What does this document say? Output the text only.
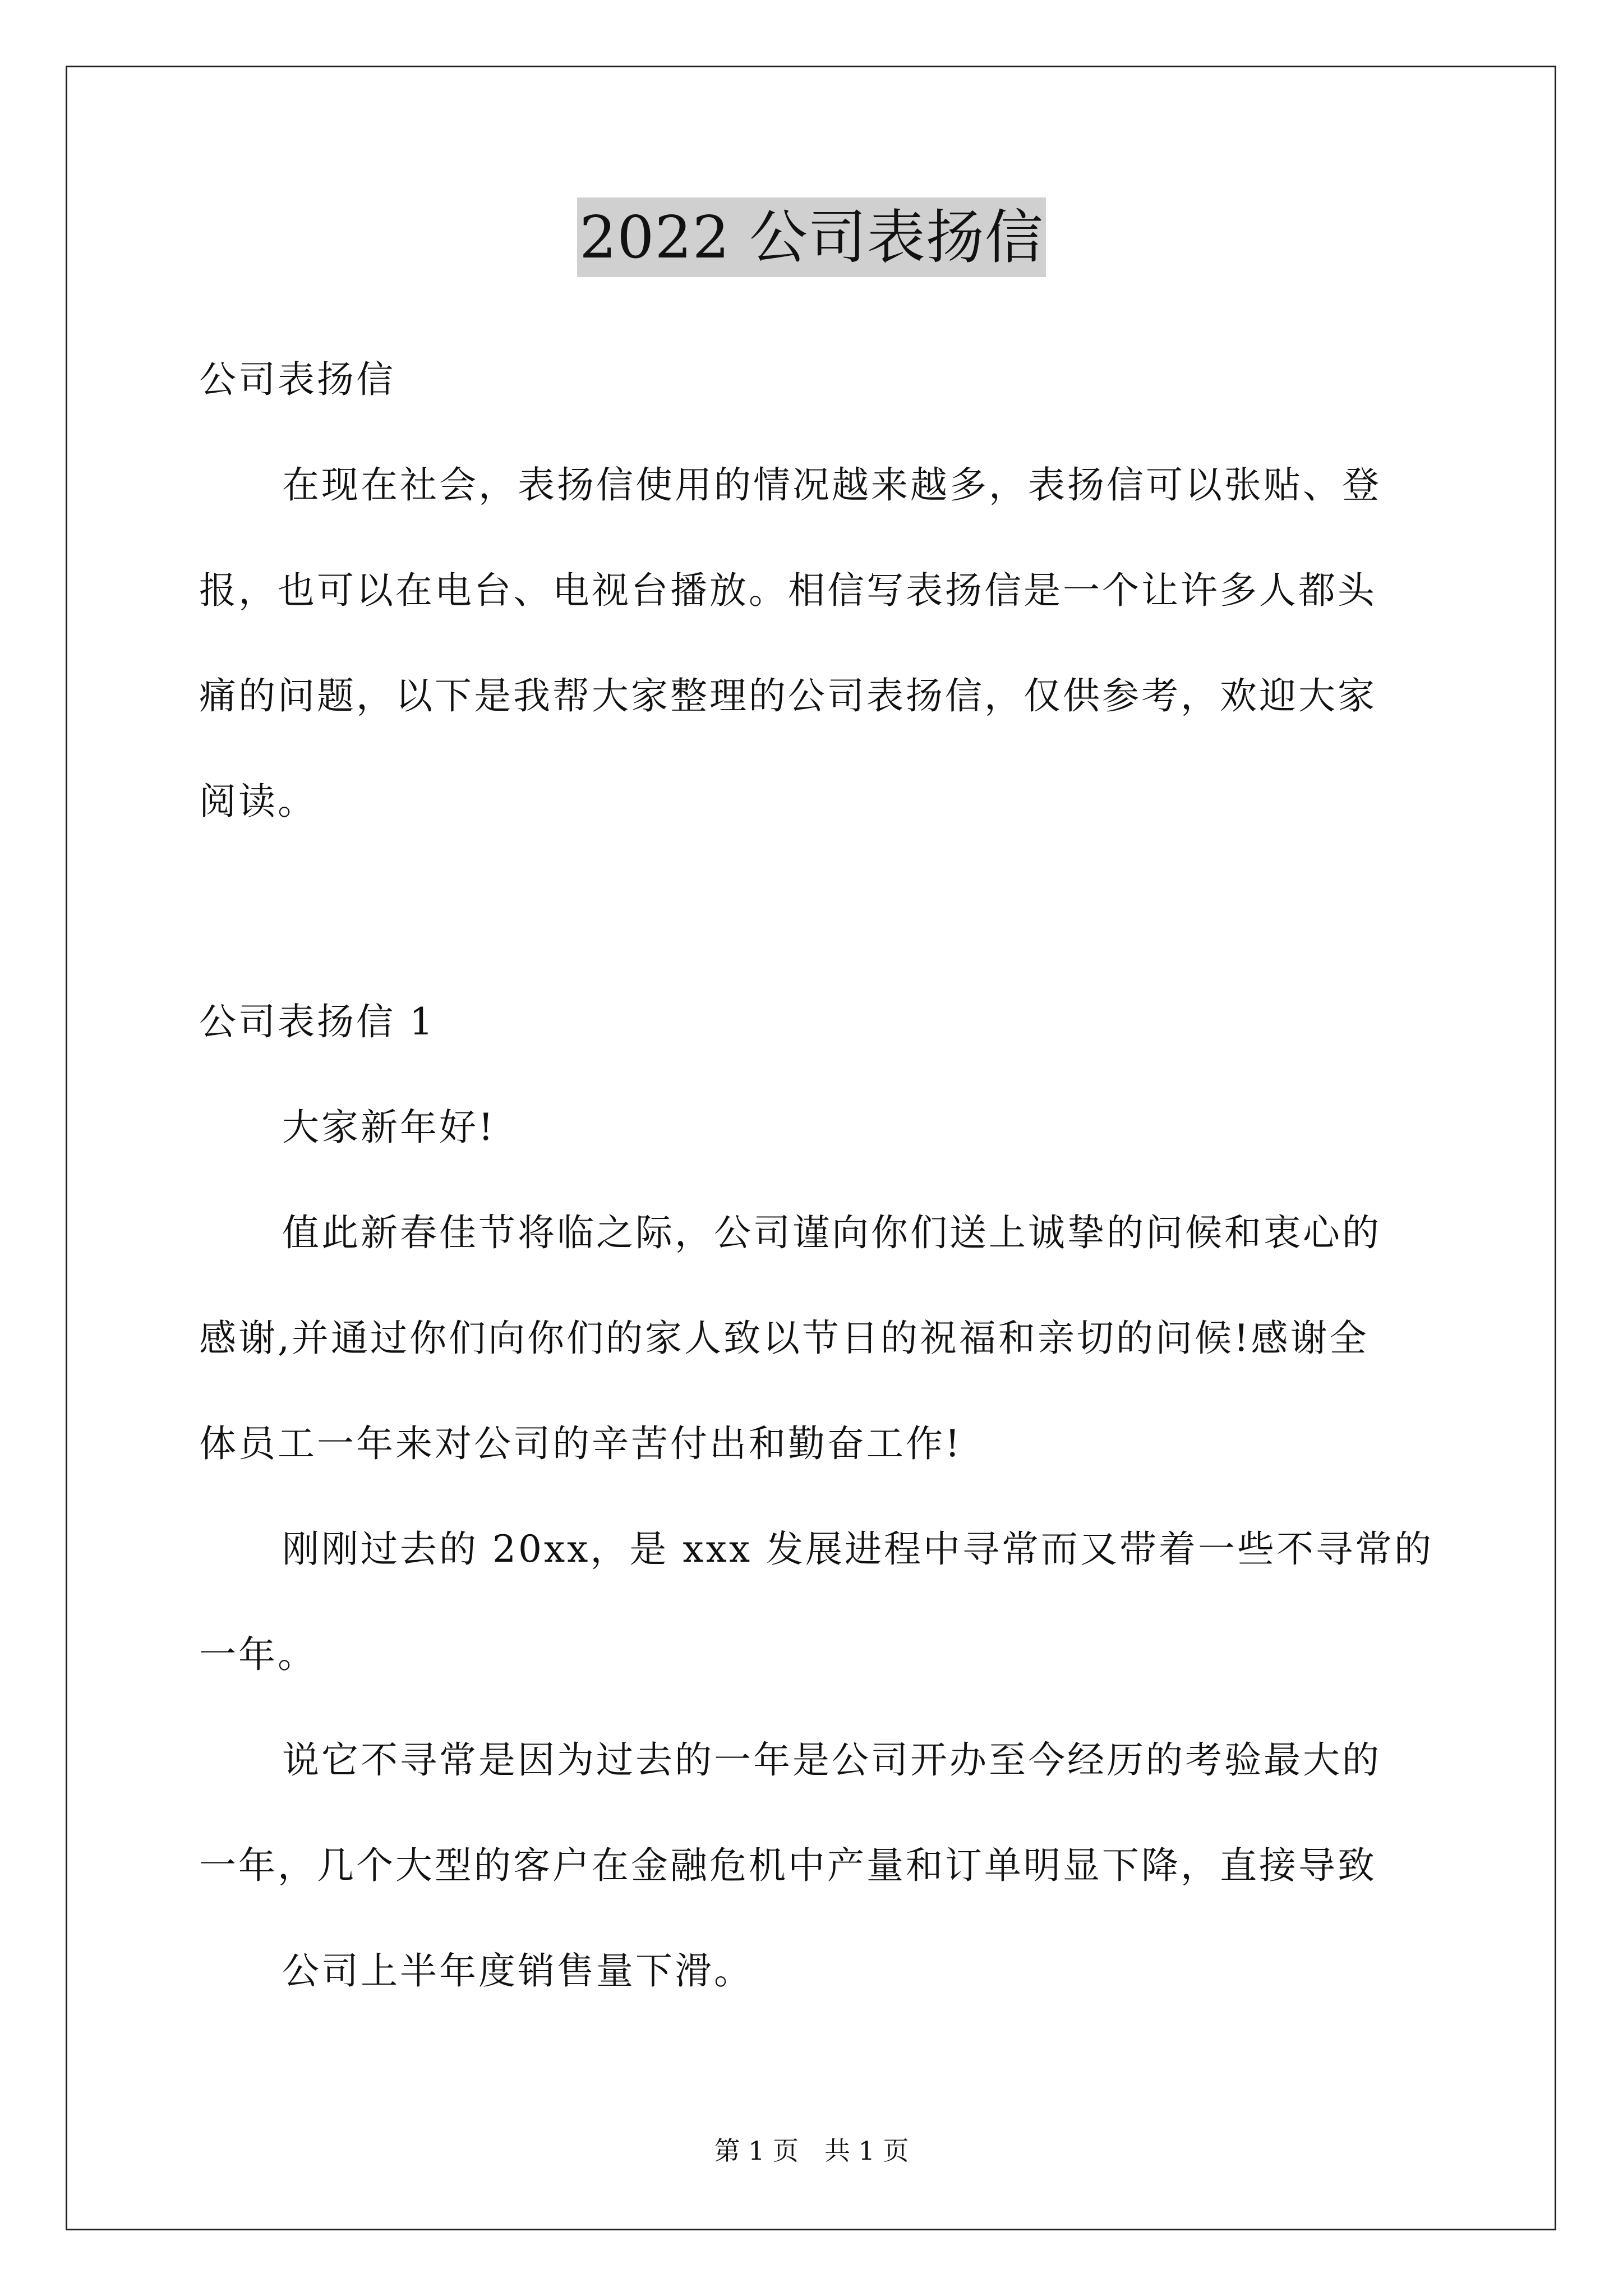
2022 公司表扬信
公司表扬信
在现在社会，表扬信使用的情况越来越多，表扬信可以张贴、登
报，也可以在电台、电视台播放。相信写表扬信是一个让许多人都头
痛的问题，以下是我帮大家整理的公司表扬信，仅供参考，欢迎大家
阅读。
公司表扬信 1
大家新年好!
值此新春佳节将临之际，公司谨向你们送上诚挚的问候和衷心的
感谢,并通过你们向你们的家人致以节日的祝福和亲切的问候!感谢全
体员工一年来对公司的辛苦付出和勤奋工作!
刚刚过去的 20xx，是 xxx 发展进程中寻常而又带着一些不寻常的
一年。
说它不寻常是因为过去的一年是公司开办至今经历的考验最大的
一年，几个大型的客户在金融危机中产量和订单明显下降，直接导致
公司上半年度销售量下滑。
第 1 页　共 1 页
